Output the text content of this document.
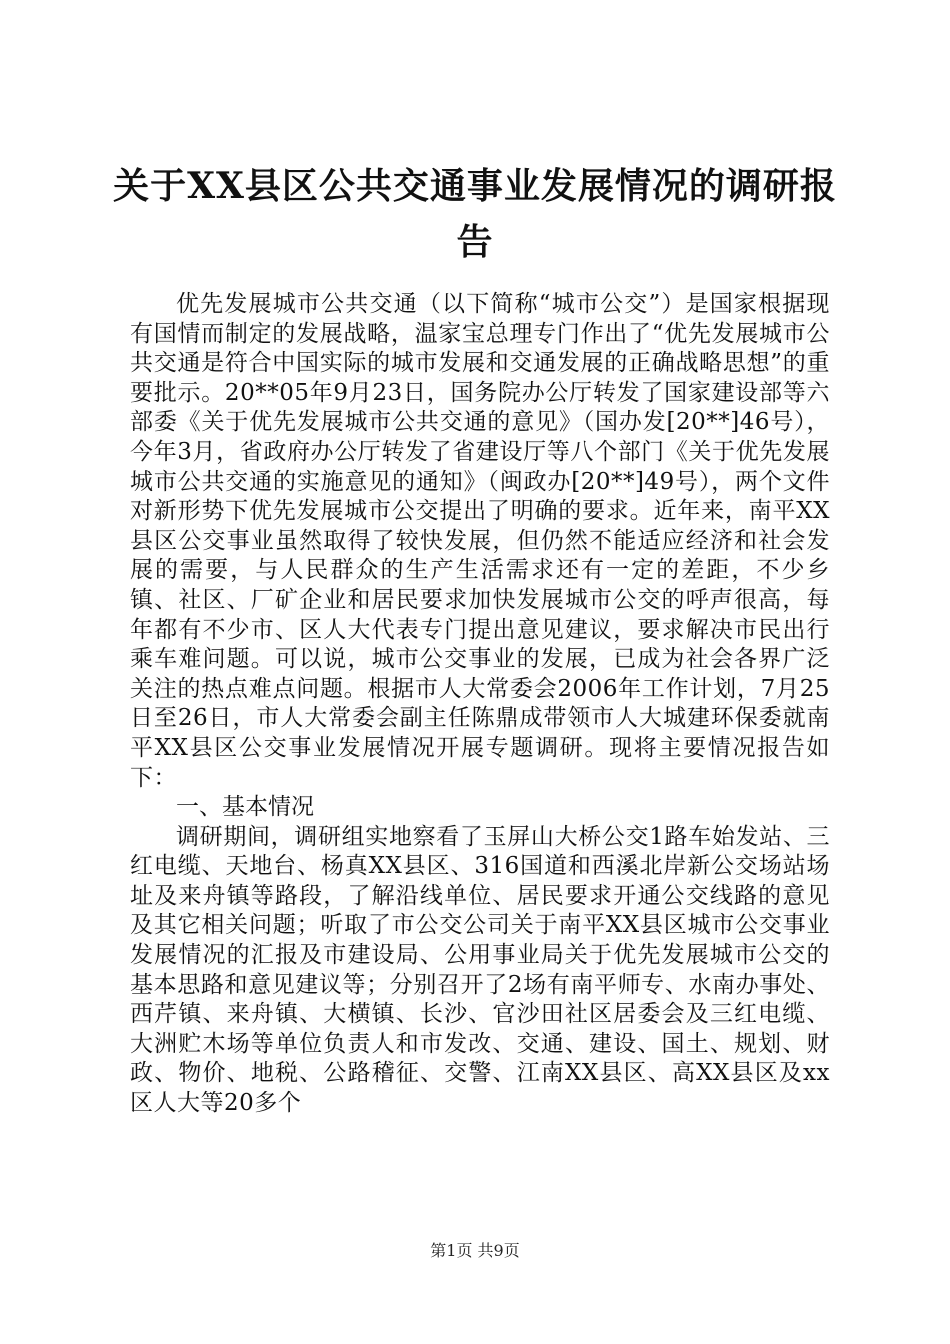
关于XX县区公共交通事业发展情况的调研报
告

优先发展城市公共交通（以下简称“城市公交”）是国家根据现有国情而制定的发展战略，温家宝总理专门作出了“优先发展城市公共交通是符合中国实际的城市发展和交通发展的正确战略思想”的重要批示。20**05年9月23日，国务院办公厅转发了国家建设部等六部委《关于优先发展城市公共交通的意见》（国办发[20**]46号），今年3月，省政府办公厅转发了省建设厅等八个部门《关于优先发展城市公共交通的实施意见的通知》（闽政办[20**]49号），两个文件对新形势下优先发展城市公交提出了明确的要求。近年来，南平XX县区公交事业虽然取得了较快发展，但仍然不能适应经济和社会发展的需要，与人民群众的生产生活需求还有一定的差距，不少乡镇、社区、厂矿企业和居民要求加快发展城市公交的呼声很高，每年都有不少市、区人大代表专门提出意见建议，要求解决市民出行乘车难问题。可以说，城市公交事业的发展，已成为社会各界广泛关注的热点难点问题。根据市人大常委会2006年工作计划，7月25日至26日，市人大常委会副主任陈鼎成带领市人大城建环保委就南平XX县区公交事业发展情况开展专题调研。现将主要情况报告如下：

一、基本情况

调研期间，调研组实地察看了玉屏山大桥公交1路车始发站、三红电缆、天地台、杨真XX县区、316国道和西溪北岸新公交场站场址及来舟镇等路段，了解沿线单位、居民要求开通公交线路的意见及其它相关问题；听取了市公交公司关于南平XX县区城市公交事业发展情况的汇报及市建设局、公用事业局关于优先发展城市公交的基本思路和意见建议等；分别召开了2场有南平师专、水南办事处、西芹镇、来舟镇、大横镇、长沙、官沙田社区居委会及三红电缆、大洲贮木场等单位负责人和市发改、交通、建设、国土、规划、财政、物价、地税、公路稽征、交警、江南XX县区、高XX县区及xx区人大等20多个

第1页 共9页
